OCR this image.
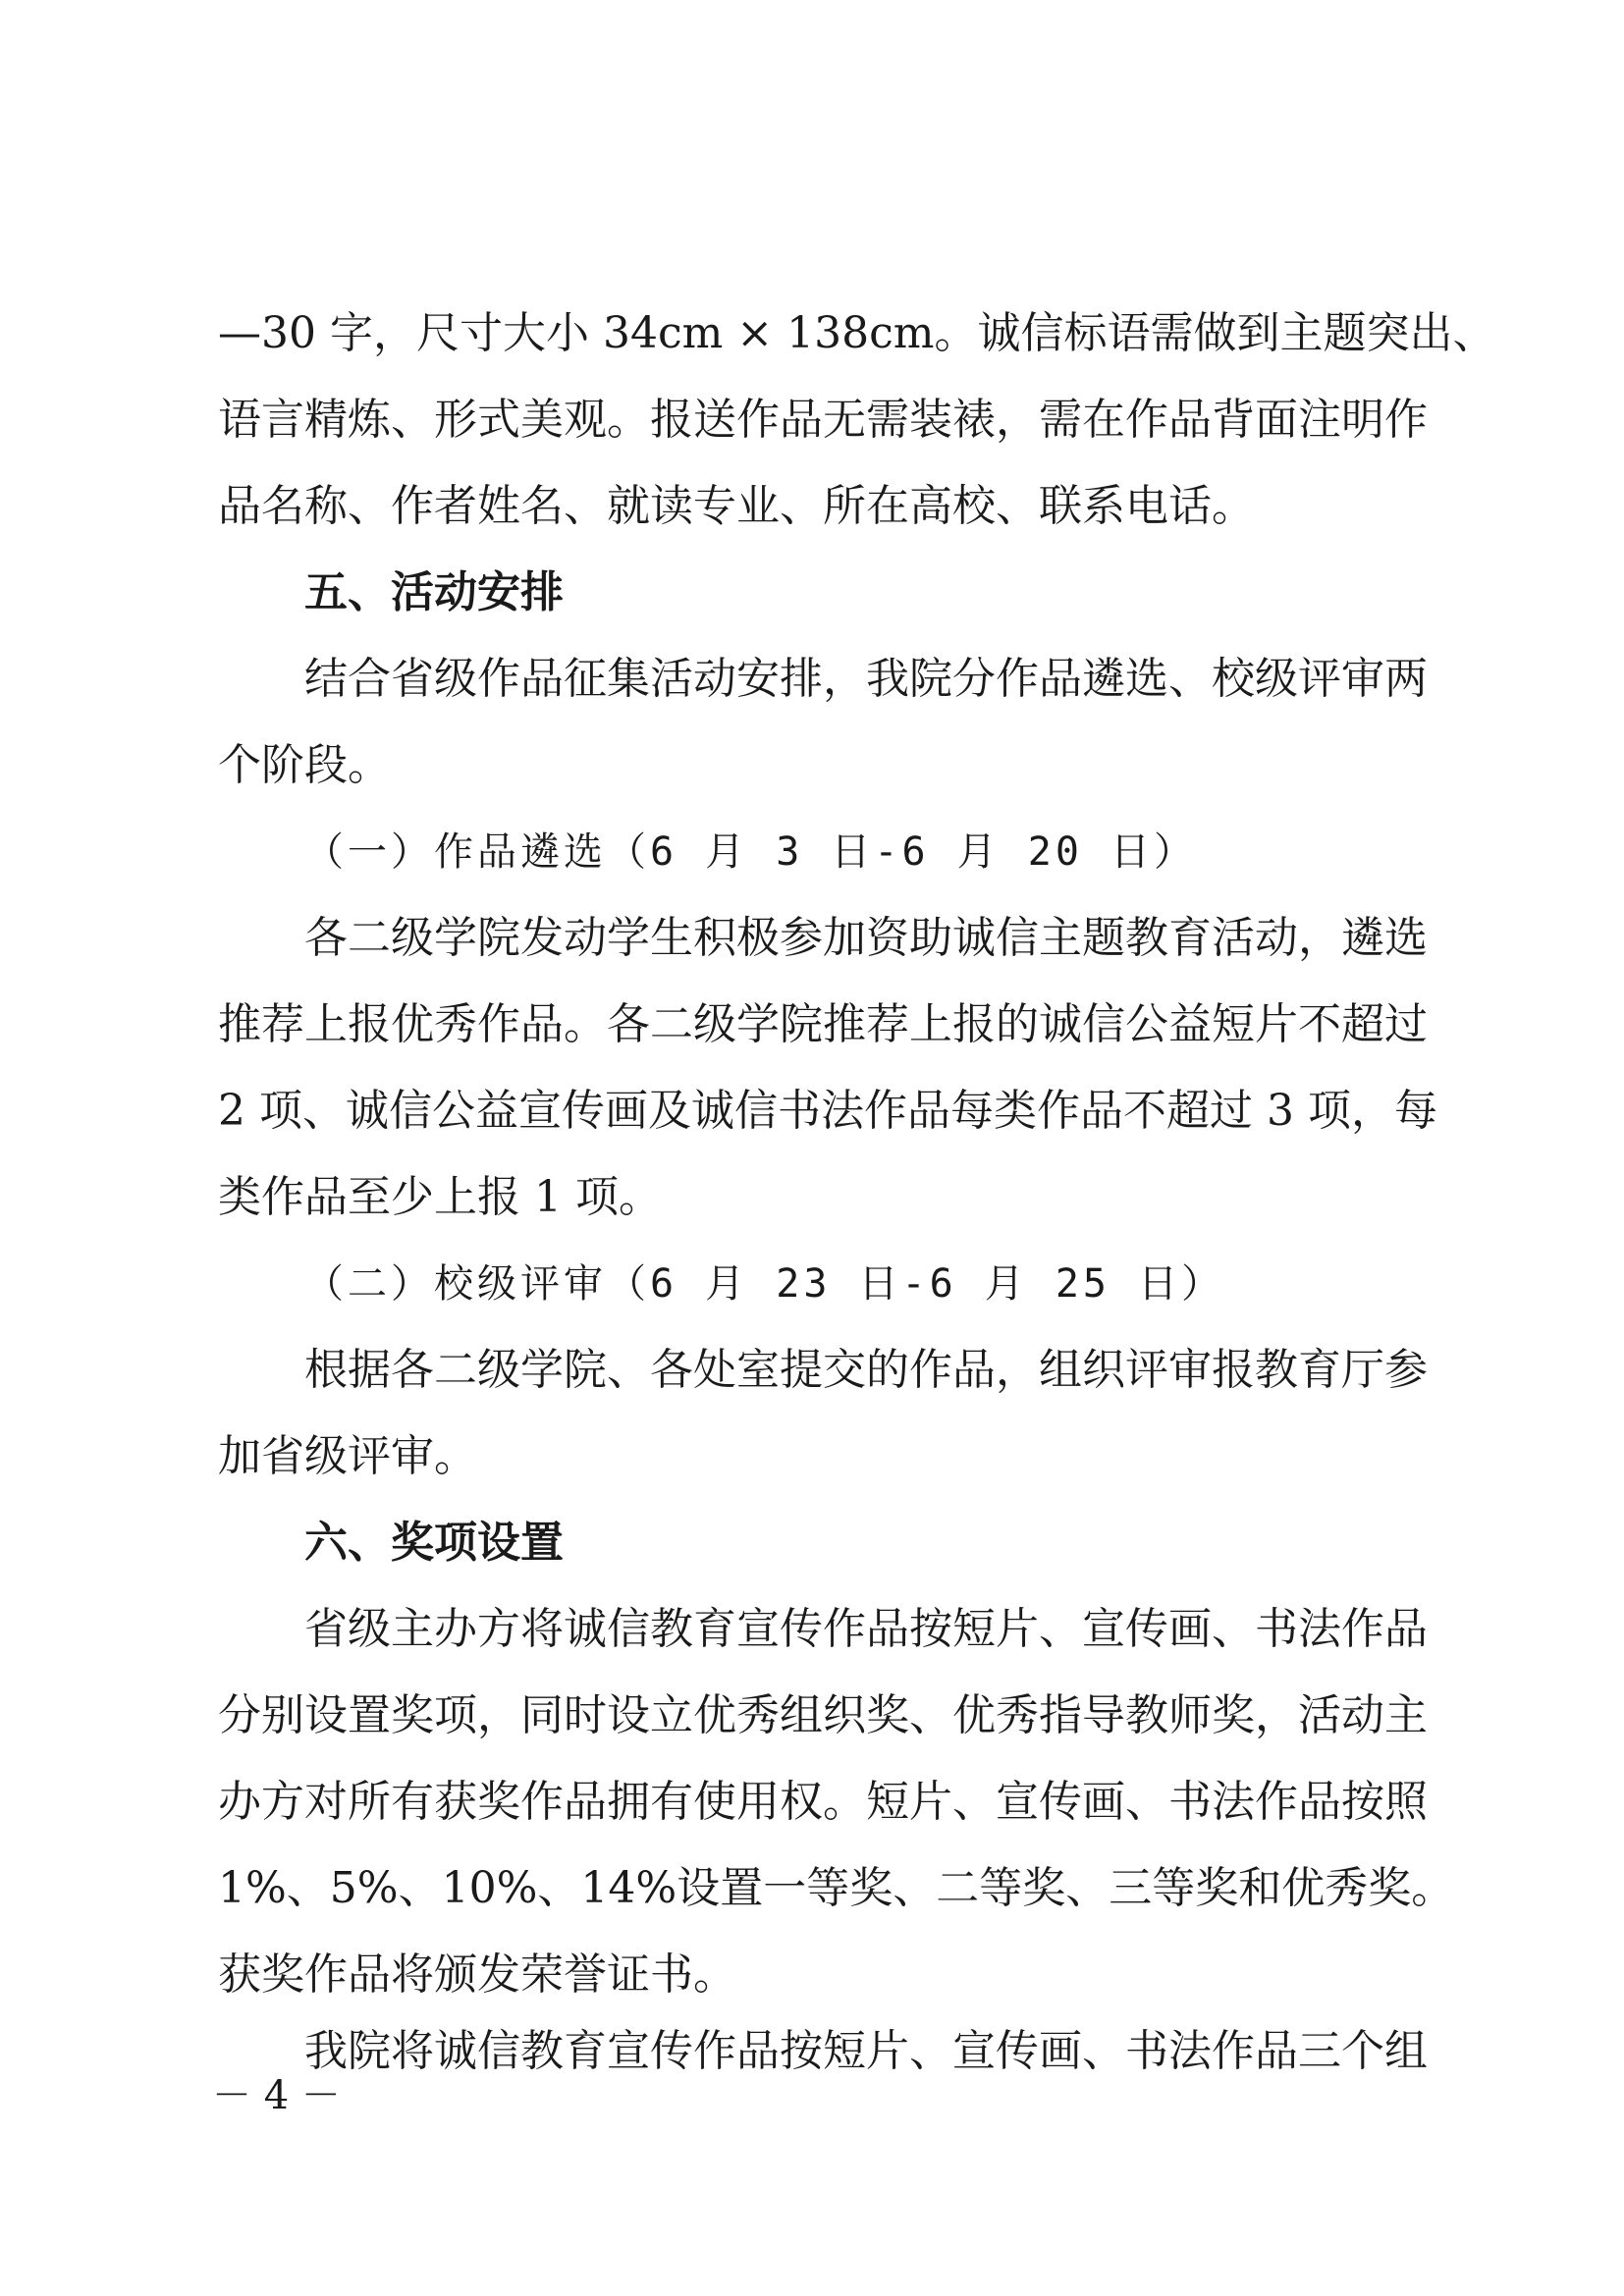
—30 字，尺寸大小 34cm × 138cm。诚信标语需做到主题突出、
语言精炼、形式美观。报送作品无需装裱，需在作品背面注明作
品名称、作者姓名、就读专业、所在高校、联系电话。
五、活动安排
结合省级作品征集活动安排，我院分作品遴选、校级评审两
个阶段。
（一）作品遴选（6 月 3 日-6 月 20 日）
各二级学院发动学生积极参加资助诚信主题教育活动，遴选
推荐上报优秀作品。各二级学院推荐上报的诚信公益短片不超过
2 项、诚信公益宣传画及诚信书法作品每类作品不超过 3 项，每
类作品至少上报 1 项。
（二）校级评审（6 月 23 日-6 月 25 日）
根据各二级学院、各处室提交的作品，组织评审报教育厅参
加省级评审。
六、奖项设置
省级主办方将诚信教育宣传作品按短片、宣传画、书法作品
分别设置奖项，同时设立优秀组织奖、优秀指导教师奖，活动主
办方对所有获奖作品拥有使用权。短片、宣传画、书法作品按照
1%、5%、10%、14%设置一等奖、二等奖、三等奖和优秀奖。
获奖作品将颁发荣誉证书。
我院将诚信教育宣传作品按短片、宣传画、书法作品三个组
－ 4 －
